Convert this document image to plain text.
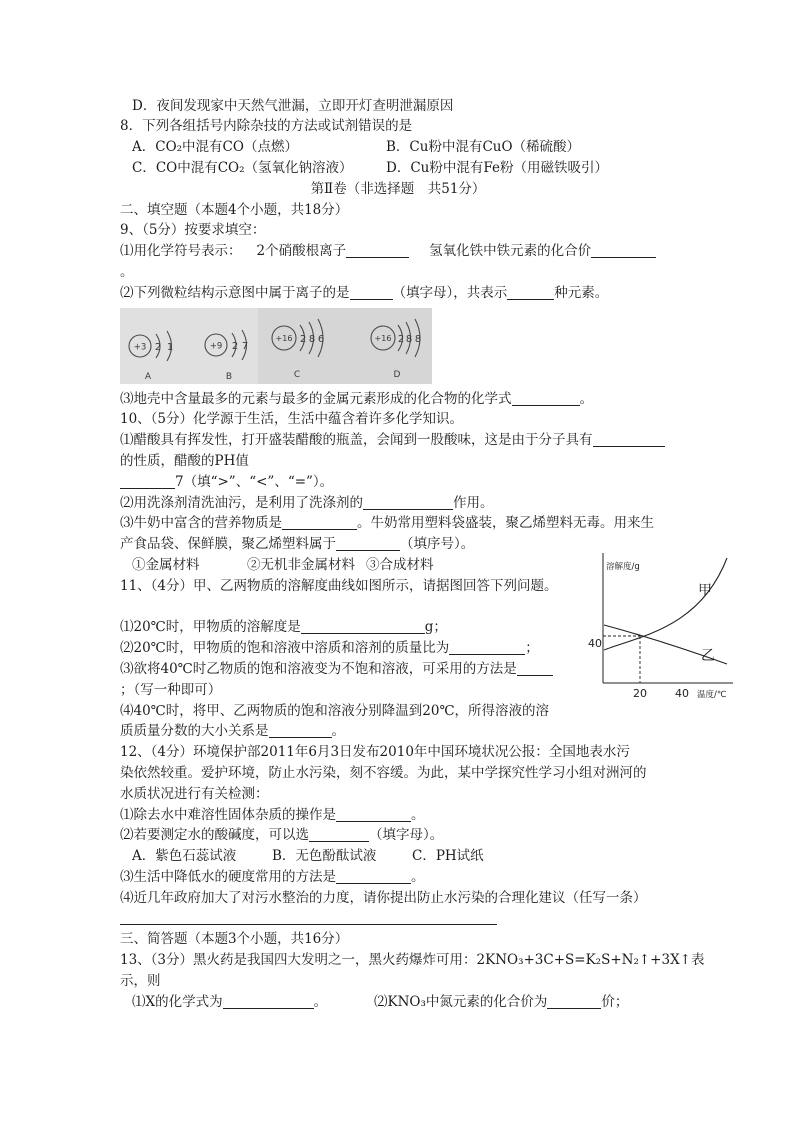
D．夜间发现家中天然气泄漏，立即开灯查明泄漏原因
8．下列各组括号内除杂技的方法或试剂错误的是
A．CO₂中混有CO（点燃）	B．Cu粉中混有CuO（稀硫酸）
C．CO中混有CO₂（氢氧化钠溶液） D．Cu粉中混有Fe粉（用磁铁吸引）
第Ⅱ卷（非选择题　共51分）
二、填空题（本题4个小题，共18分）
9、（5分）按要求填空：
⑴用化学符号表示： 2个硝酸根离子	氢氧化铁中铁元素的化合价
。
⑵下列微粒结构示意图中属于离子的是	（填字母），共表示	种元素。
+3 2 1
A
+9 2 7
B
+16 2 8 6
C
+16 2 8 8
D
⑶地壳中含量最多的元素与最多的金属元素形成的化合物的化学式	。
10、（5分）化学源于生活，生活中蕴含着许多化学知识。
⑴醋酸具有挥发性，打开盛装醋酸的瓶盖，会闻到一股酸味，这是由于分子具有
的性质，醋酸的PH值
7（填“>”、“<”、“=”）。
⑵用洗涤剂清洗油污，是利用了洗涤剂的	作用。
⑶牛奶中富含的营养物质是	。牛奶常用塑料袋盛装，聚乙烯塑料无毒。用来生
产食品袋、保鲜膜，聚乙烯塑料属于	（填序号）。
①金属材料	②无机非金属材料 ③合成材料
11、（4分）甲、乙两物质的溶解度曲线如图所示，请据图回答下列问题。
⑴20℃时，甲物质的溶解度是	g；
⑵20℃时，甲物质的饱和溶液中溶质和溶剂的质量比为	；
⑶欲将40℃时乙物质的饱和溶液变为不饱和溶液，可采用的方法是
；（写一种即可）
⑷40℃时，将甲、乙两物质的饱和溶液分别降温到20℃，所得溶液的溶
质质量分数的大小关系是	。
12、（4分）环境保护部2011年6月3日发布2010年中国环境状况公报：全国地表水污
染依然较重。爱护环境，防止水污染，刻不容缓。为此，某中学探究性学习小组对洲河的
水质状况进行有关检测：
⑴除去水中难溶性固体杂质的操作是	。
⑵若要测定水的酸碱度，可以选	（填字母）。
A．紫色石蕊试液	B．无色酚酞试液	C．PH试纸
⑶生活中降低水的硬度常用的方法是	。
⑷近几年政府加大了对污水整治的力度，请你提出防止水污染的合理化建议（任写一条）
三、简答题（本题3个小题，共16分）
13、（3分）黑火药是我国四大发明之一，黑火药爆炸可用：2KNO₃+3C+S=K₂S+N₂↑+3X↑表
示，则
⑴X的化学式为	。	⑵KNO₃中氮元素的化合价为	价；
溶解度/g
甲
乙
40
20	40 温度/℃
